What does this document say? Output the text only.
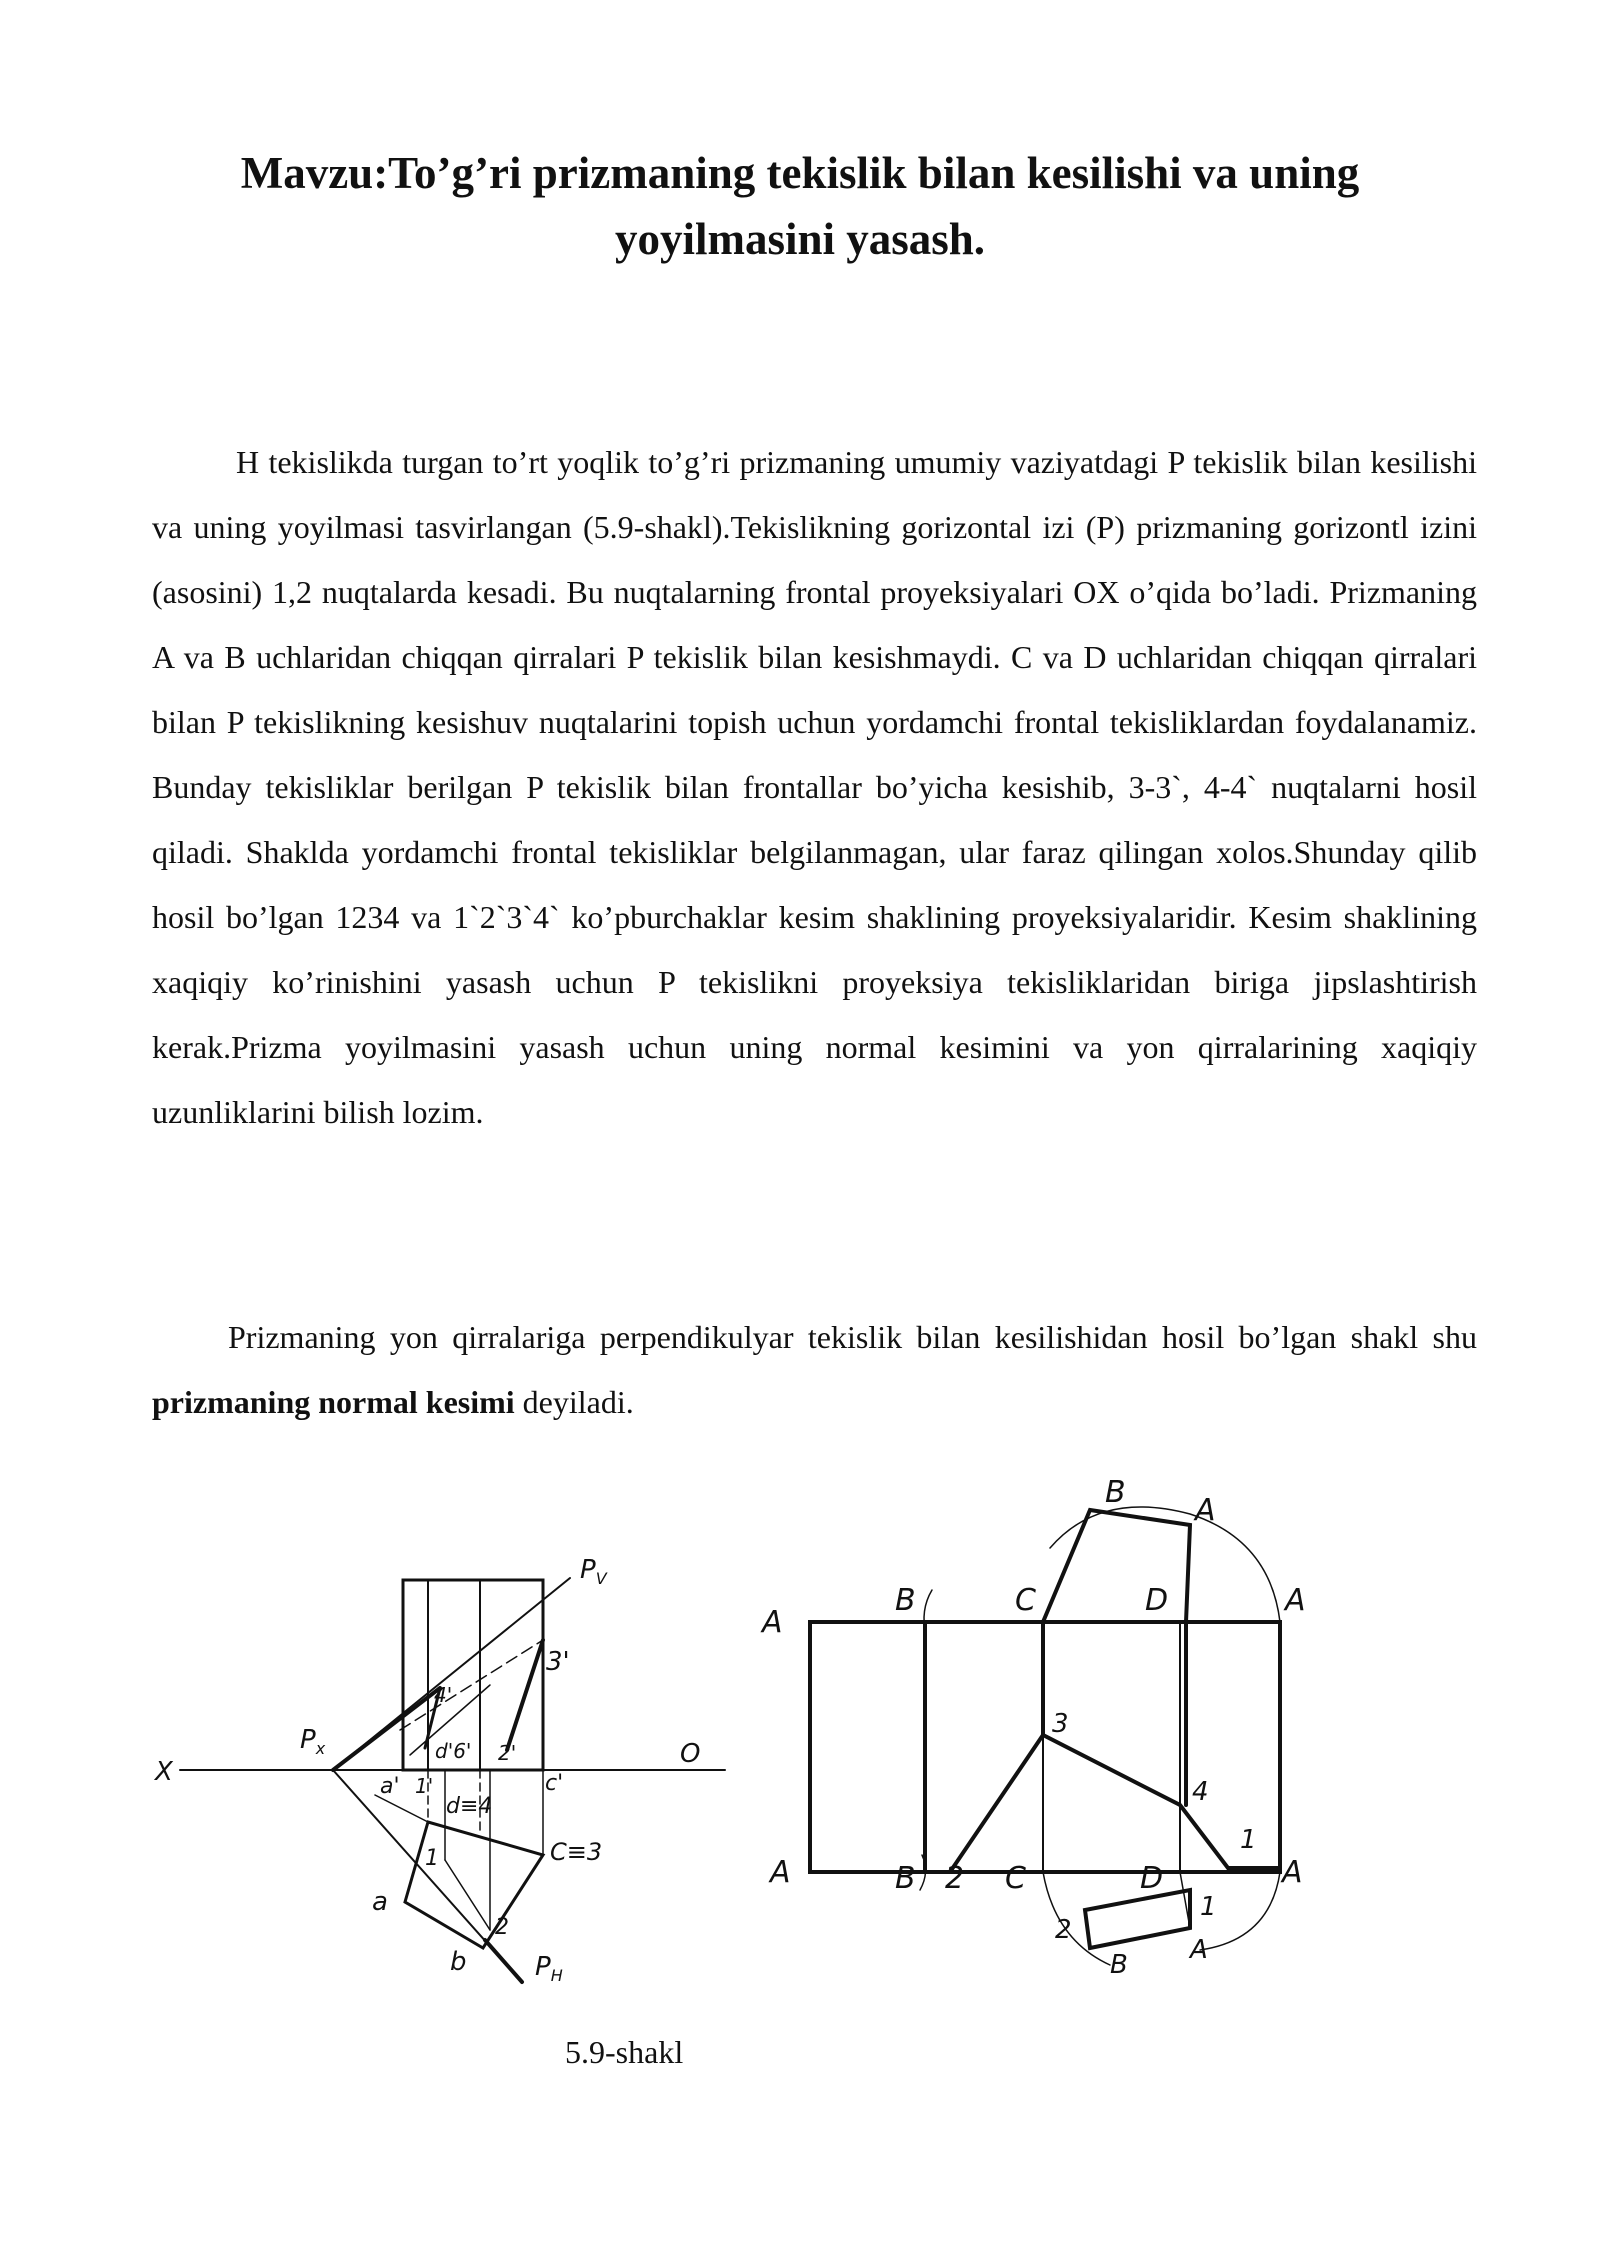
Mavzu:To’g’ri prizmaning tekislik bilan kesilishi va uning
yoyilmasini yasash.

H tekislikda turgan to’rt yoqlik to’g’ri prizmaning umumiy vaziyatdagi P tekislik bilan kesilishi va uning yoyilmasi tasvirlangan (5.9-shakl).Tekislikning gorizontal izi (P) prizmaning gorizontl izini (asosini) 1,2 nuqtalarda kesadi. Bu nuqtalarning frontal proyeksiyalari OX o’qida bo’ladi. Prizmaning A va B uchlaridan chiqqan qirralari P tekislik bilan kesishmaydi. C va D uchlaridan chiqqan qirralari bilan P tekislikning kesishuv nuqtalarini topish uchun yordamchi frontal tekisliklardan foydalanamiz. Bunday tekisliklar berilgan P tekislik bilan frontallar bo’yicha kesishib, 3-3`, 4-4` nuqtalarni hosil qiladi. Shaklda yordamchi frontal tekisliklar belgilanmagan, ular faraz qilingan xolos.Shunday qilib hosil bo’lgan 1234 va 1`2`3`4` ko’pburchaklar kesim shaklining proyeksiyalaridir. Kesim shaklining xaqiqiy ko’rinishini yasash uchun P tekislikni proyeksiya tekisliklaridan biriga jipslashtirish kerak.Prizma yoyilmasini yasash uchun uning normal kesimini va yon qirralarining xaqiqiy uzunliklarini bilish lozim.

Prizmaning yon qirralariga perpendikulyar tekislik bilan kesilishidan hosil bo’lgan shakl shu prizmaning normal kesimi deyiladi.

$P_V$
X
O
$P_x$
3'
4'
d'6' 2'
a' 1'	c'
d≡4
C≡3
1
a
2
b	$P_H$
B
A
A
B	C	D	A
3
4
1
A	B 2 C	D	A
1
2
B A

5.9-shakl
